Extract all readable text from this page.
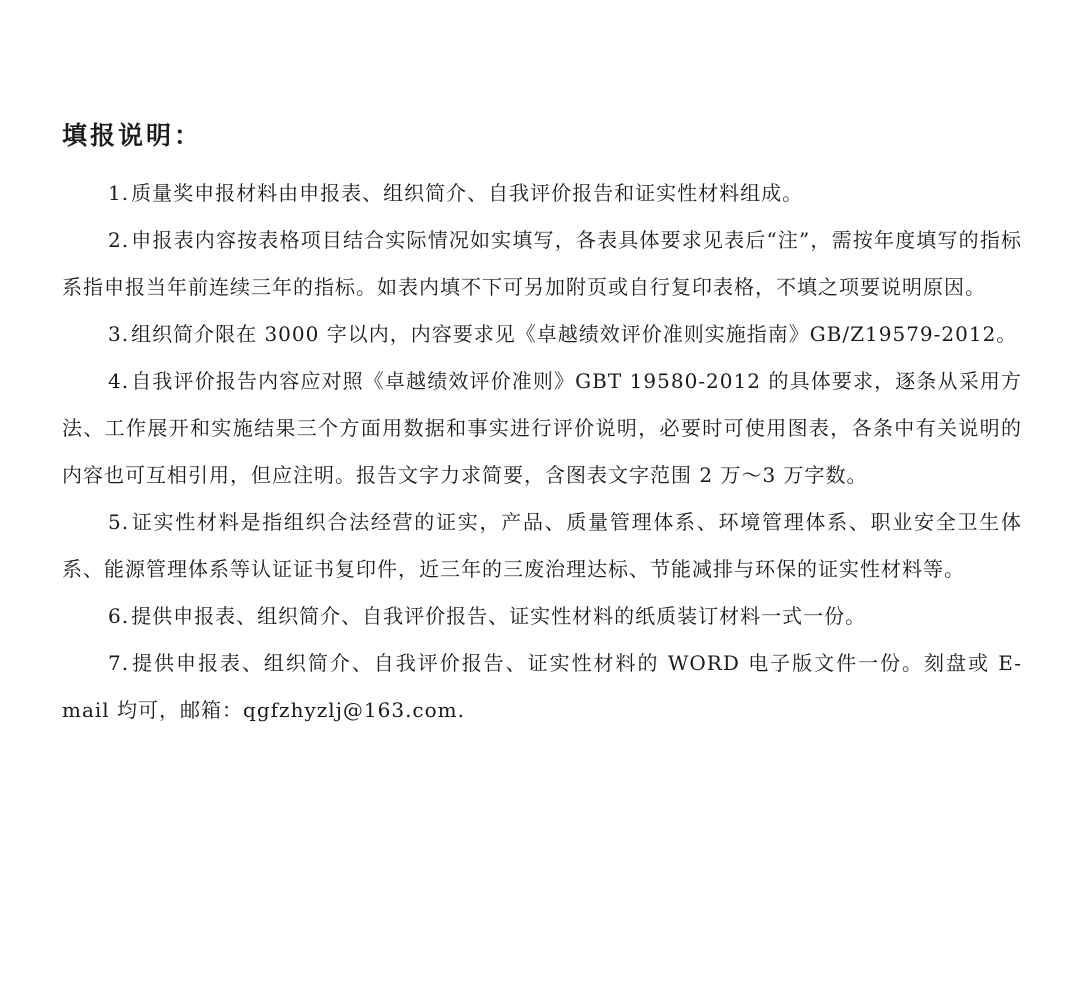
填报说明：
1. 质量奖申报材料由申报表、组织简介、自我评价报告和证实性材料组成。
2. 申报表内容按表格项目结合实际情况如实填写，各表具体要求见表后“注”，需按年度填写的指标系指申报当年前连续三年的指标。如表内填不下可另加附页或自行复印表格，不填之项要说明原因。
3. 组织简介限在 3000 字以内，内容要求见《卓越绩效评价准则实施指南》GB/Z19579-2012。
4. 自我评价报告内容应对照《卓越绩效评价准则》GBT 19580-2012 的具体要求，逐条从采用方法、工作展开和实施结果三个方面用数据和事实进行评价说明，必要时可使用图表，各条中有关说明的内容也可互相引用，但应注明。报告文字力求简要，含图表文字范围 2 万～3 万字数。
5. 证实性材料是指组织合法经营的证实，产品、质量管理体系、环境管理体系、职业安全卫生体系、能源管理体系等认证证书复印件，近三年的三废治理达标、节能减排与环保的证实性材料等。
6. 提供申报表、组织简介、自我评价报告、证实性材料的纸质装订材料一式一份。
7. 提供申报表、组织简介、自我评价报告、证实性材料的 WORD 电子版文件一份。刻盘或 E-mail 均可，邮箱：qgfzhyzlj@163.com.
